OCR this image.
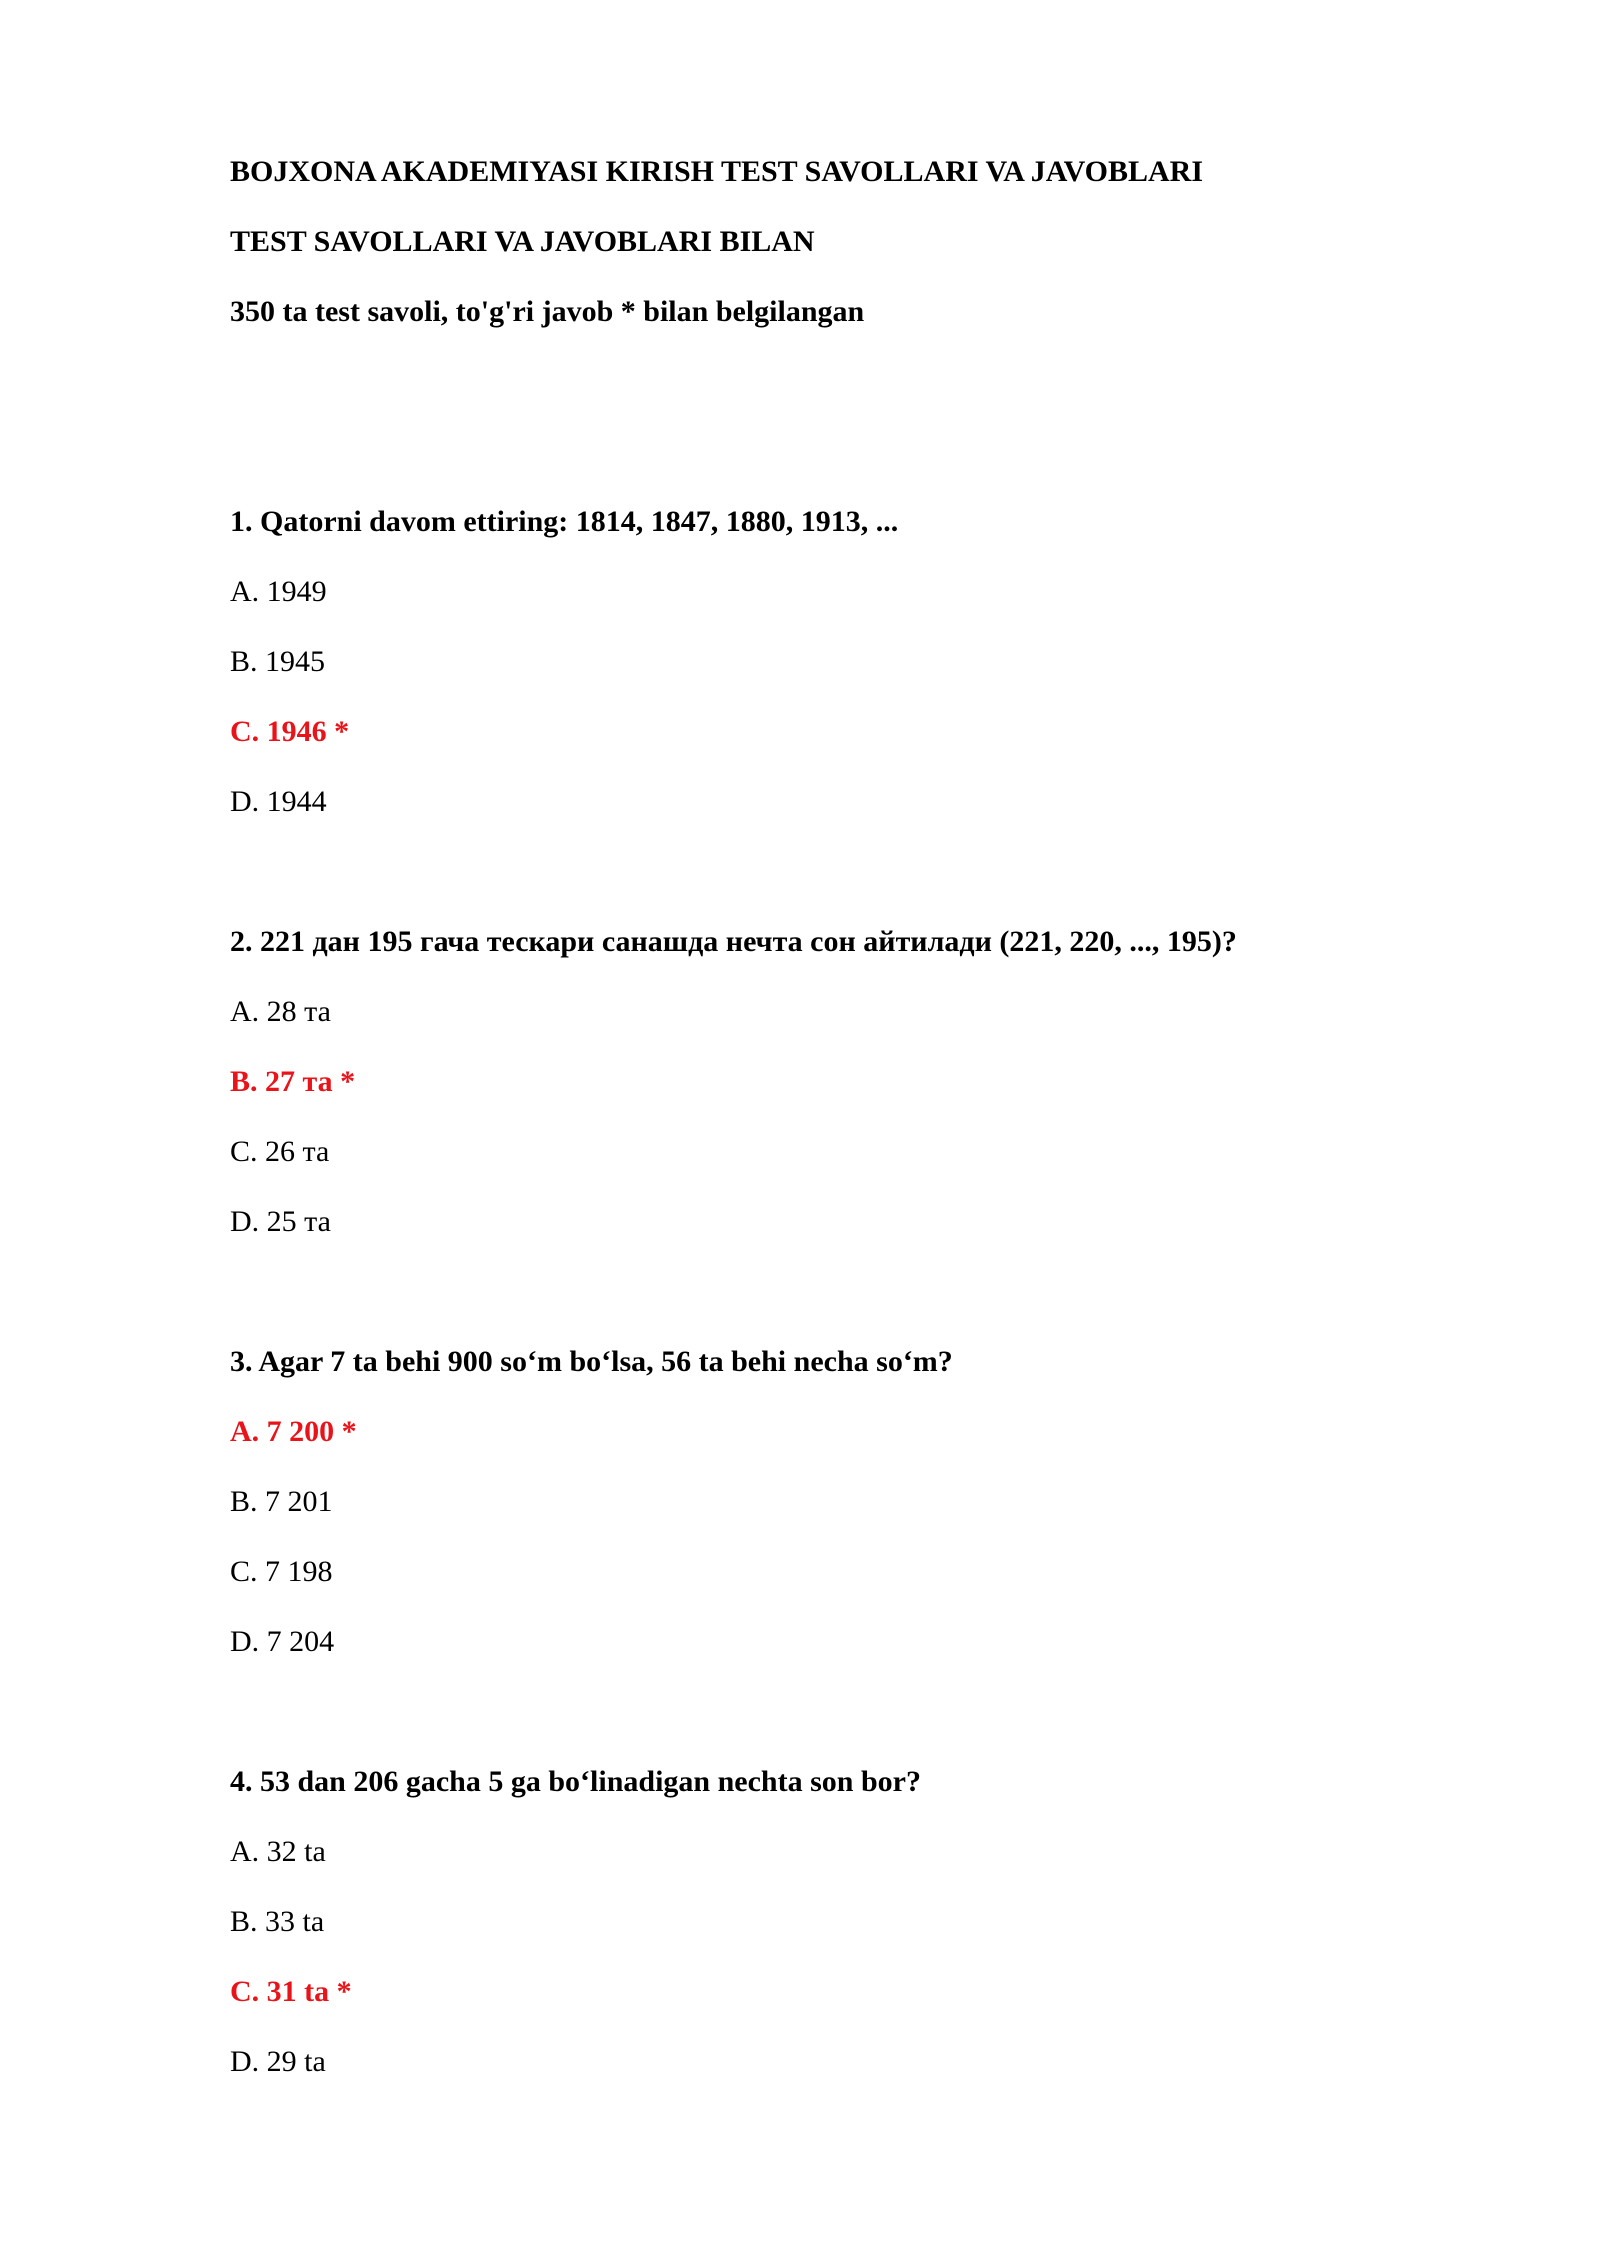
BOJXONA AKADEMIYASI KIRISH TEST SAVOLLARI VA JAVOBLARI
TEST SAVOLLARI VA JAVOBLARI BILAN
350 ta test savoli, to'g'ri javob * bilan belgilangan
1. Qatorni davom ettiring: 1814, 1847, 1880, 1913, ...
A. 1949
B. 1945
C. 1946 *
D. 1944
2. 221 дан 195 гача тескари санашда нечта сон айтилади (221, 220, ..., 195)?
A. 28 та
B. 27 та *
C. 26 та
D. 25 та
3. Agar 7 ta behi 900 so‘m bo‘lsa, 56 ta behi necha so‘m?
A. 7 200 *
B. 7 201
C. 7 198
D. 7 204
4. 53 dan 206 gacha 5 ga bo‘linadigan nechta son bor?
A. 32 ta
B. 33 ta
C. 31 ta *
D. 29 ta
